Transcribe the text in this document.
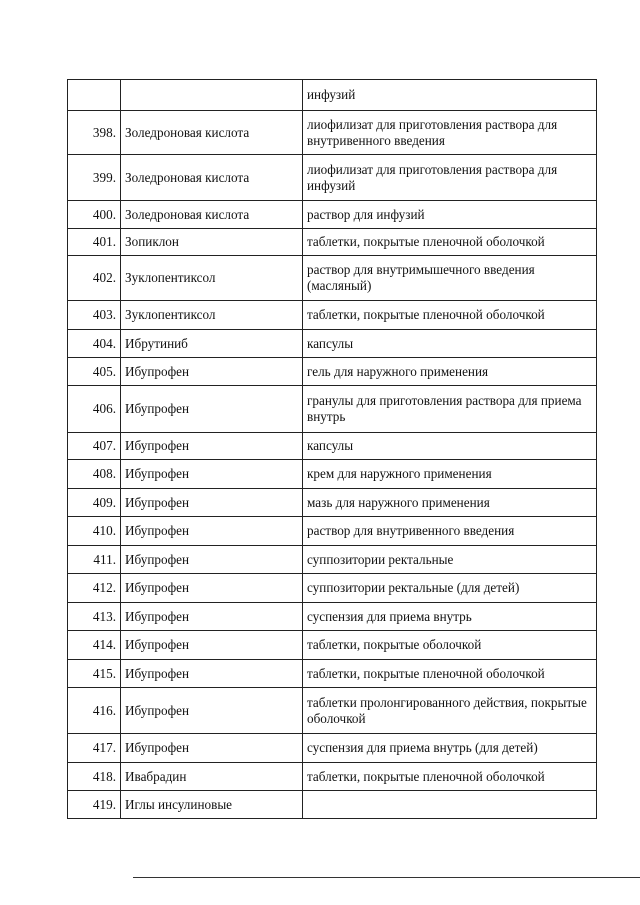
		инфузий
398.	Золедроновая кислота	лиофилизат для приготовления раствора для внутривенного введения
399.	Золедроновая кислота	лиофилизат для приготовления раствора для инфузий
400.	Золедроновая кислота	раствор для инфузий
401.	Зопиклон	таблетки, покрытые пленочной оболочкой
402.	Зуклопентиксол	раствор для внутримышечного введения (масляный)
403.	Зуклопентиксол	таблетки, покрытые пленочной оболочкой
404.	Ибрутиниб	капсулы
405.	Ибупрофен	гель для наружного применения
406.	Ибупрофен	гранулы для приготовления раствора для приема внутрь
407.	Ибупрофен	капсулы
408.	Ибупрофен	крем для наружного применения
409.	Ибупрофен	мазь для наружного применения
410.	Ибупрофен	раствор для внутривенного введения
411.	Ибупрофен	суппозитории ректальные
412.	Ибупрофен	суппозитории ректальные (для детей)
413.	Ибупрофен	суспензия для приема внутрь
414.	Ибупрофен	таблетки, покрытые оболочкой
415.	Ибупрофен	таблетки, покрытые пленочной оболочкой
416.	Ибупрофен	таблетки пролонгированного действия, покрытые оболочкой
417.	Ибупрофен	суспензия для приема внутрь (для детей)
418.	Ивабрадин	таблетки, покрытые пленочной оболочкой
419.	Иглы инсулиновые	
